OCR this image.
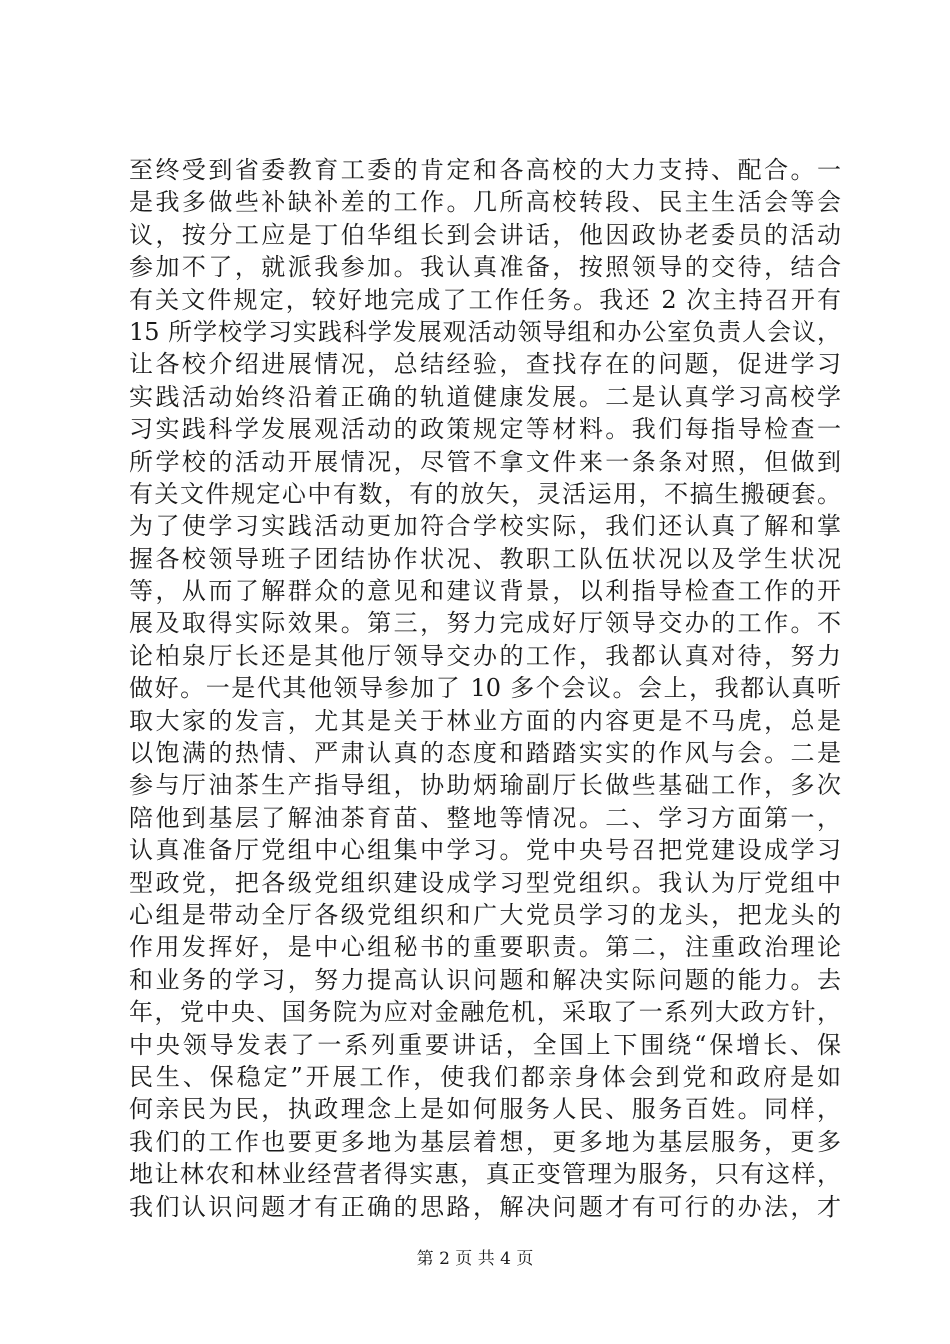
至终受到省委教育工委的肯定和各高校的大力支持、配合。一
是我多做些补缺补差的工作。几所高校转段、民主生活会等会
议，按分工应是丁伯华组长到会讲话，他因政协老委员的活动
参加不了，就派我参加。我认真准备，按照领导的交待，结合
有关文件规定，较好地完成了工作任务。我还 2 次主持召开有
15 所学校学习实践科学发展观活动领导组和办公室负责人会议，
让各校介绍进展情况，总结经验，查找存在的问题，促进学习
实践活动始终沿着正确的轨道健康发展。二是认真学习高校学
习实践科学发展观活动的政策规定等材料。我们每指导检查一
所学校的活动开展情况，尽管不拿文件来一条条对照，但做到
有关文件规定心中有数，有的放矢，灵活运用，不搞生搬硬套。
为了使学习实践活动更加符合学校实际，我们还认真了解和掌
握各校领导班子团结协作状况、教职工队伍状况以及学生状况
等，从而了解群众的意见和建议背景，以利指导检查工作的开
展及取得实际效果。第三，努力完成好厅领导交办的工作。不
论柏泉厅长还是其他厅领导交办的工作，我都认真对待，努力
做好。一是代其他领导参加了 10 多个会议。会上，我都认真听
取大家的发言，尤其是关于林业方面的内容更是不马虎，总是
以饱满的热情、严肃认真的态度和踏踏实实的作风与会。二是
参与厅油茶生产指导组，协助炳瑜副厅长做些基础工作，多次
陪他到基层了解油茶育苗、整地等情况。二、学习方面第一，
认真准备厅党组中心组集中学习。党中央号召把党建设成学习
型政党，把各级党组织建设成学习型党组织。我认为厅党组中
心组是带动全厅各级党组织和广大党员学习的龙头，把龙头的
作用发挥好，是中心组秘书的重要职责。第二，注重政治理论
和业务的学习，努力提高认识问题和解决实际问题的能力。去
年，党中央、国务院为应对金融危机，采取了一系列大政方针，
中央领导发表了一系列重要讲话，全国上下围绕“保增长、保
民生、保稳定”开展工作，使我们都亲身体会到党和政府是如
何亲民为民，执政理念上是如何服务人民、服务百姓。同样，
我们的工作也要更多地为基层着想，更多地为基层服务，更多
地让林农和林业经营者得实惠，真正变管理为服务，只有这样，
我们认识问题才有正确的思路，解决问题才有可行的办法，才
第 2 页 共 4 页
